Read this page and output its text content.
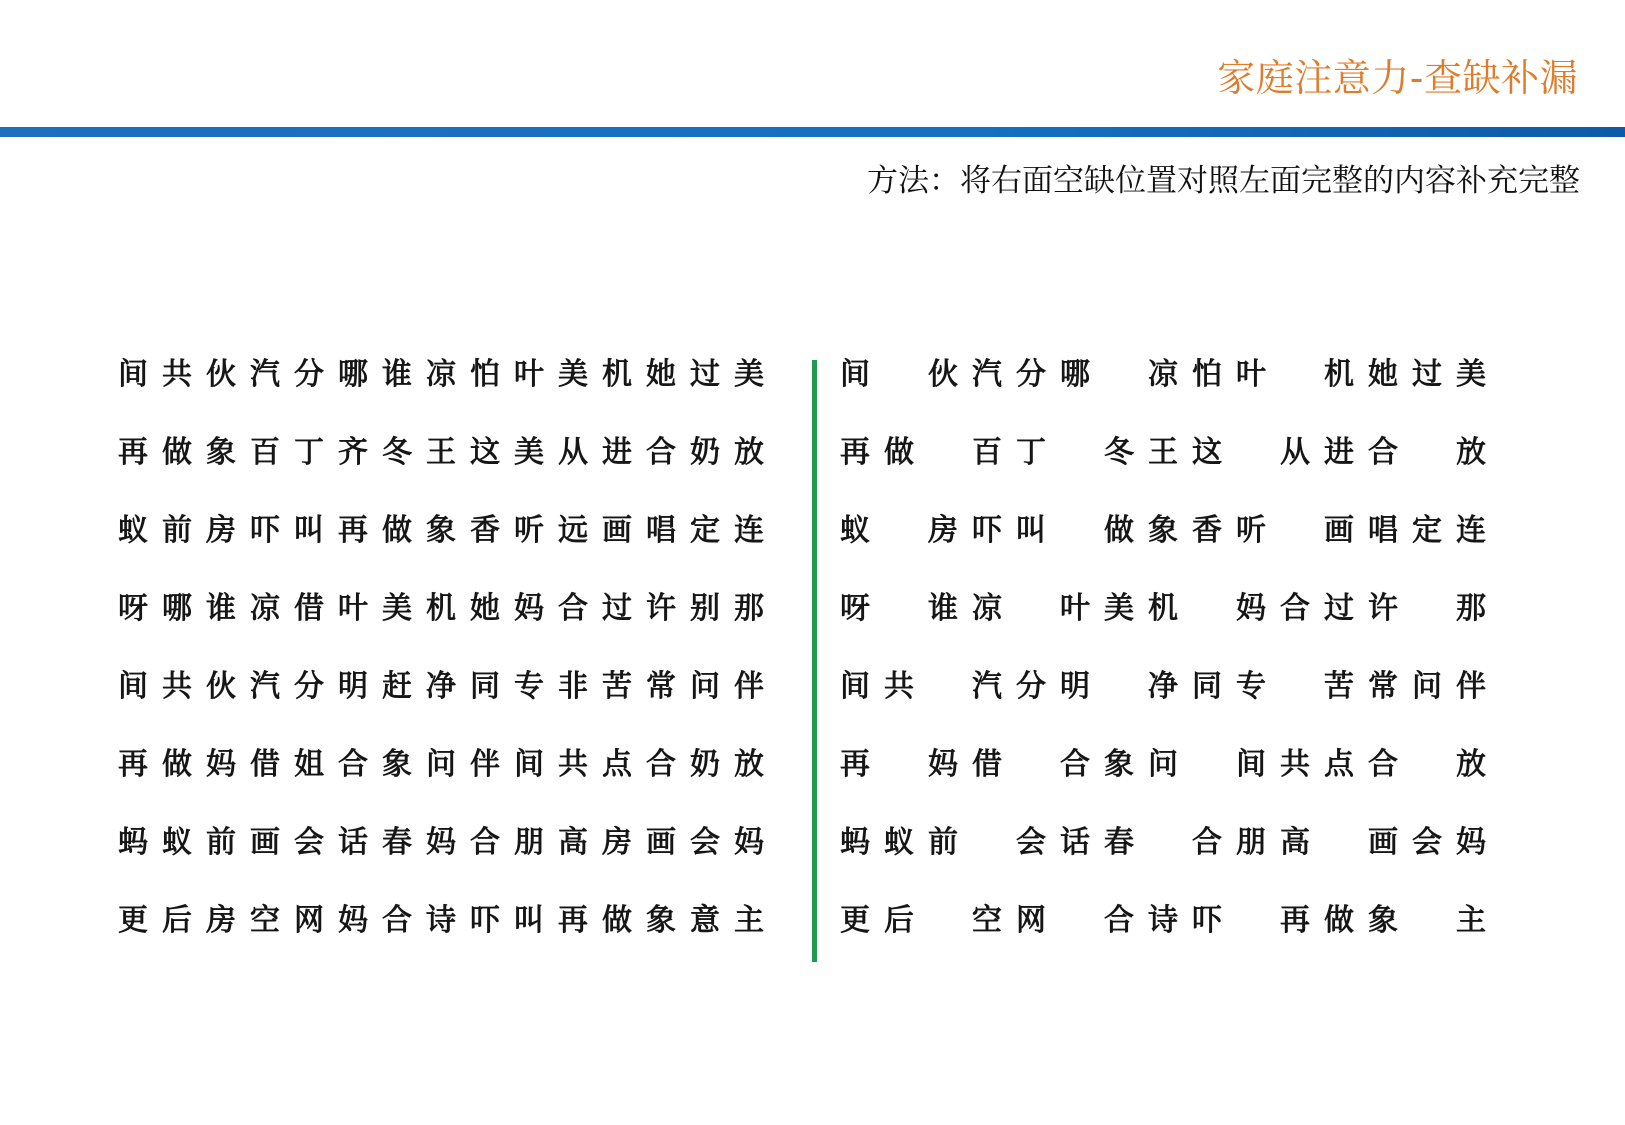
家庭注意力-查缺补漏
方法：将右面空缺位置对照左面完整的内容补充完整
间 共 伙 汽 分 哪 谁 凉 怕 叶 美 机 她 过 美
再 做 象 百 丁 齐 冬 王 这 美 从 进 合 奶 放
蚁 前 房 吓 叫 再 做 象 香 听 远 画 唱 定 连
呀 哪 谁 凉 借 叶 美 机 她 妈 合 过 许 别 那
间 共 伙 汽 分 明 赶 净 同 专 非 苦 常 问 伴
再 做 妈 借 姐 合 象 问 伴 间 共 点 合 奶 放
蚂 蚁 前 画 会 话 春 妈 合 朋 高 房 画 会 妈
更 后 房 空 网 妈 合 诗 吓 叫 再 做 象 意 主
间	伙 汽 分 哪	凉 怕 叶	机 她 过 美
再 做	百 丁	冬 王 这	从 进 合	放
蚁	房 吓 叫	做 象 香 听	画 唱 定 连
呀	谁 凉	叶 美 机	妈 合 过 许	那
间 共	汽 分 明	净 同 专	苦 常 问 伴
再	妈 借	合 象 问	间 共 点 合	放
蚂 蚁 前	会 话 春	合 朋 高	画 会 妈
更 后	空 网	合 诗 吓	再 做 象	主
